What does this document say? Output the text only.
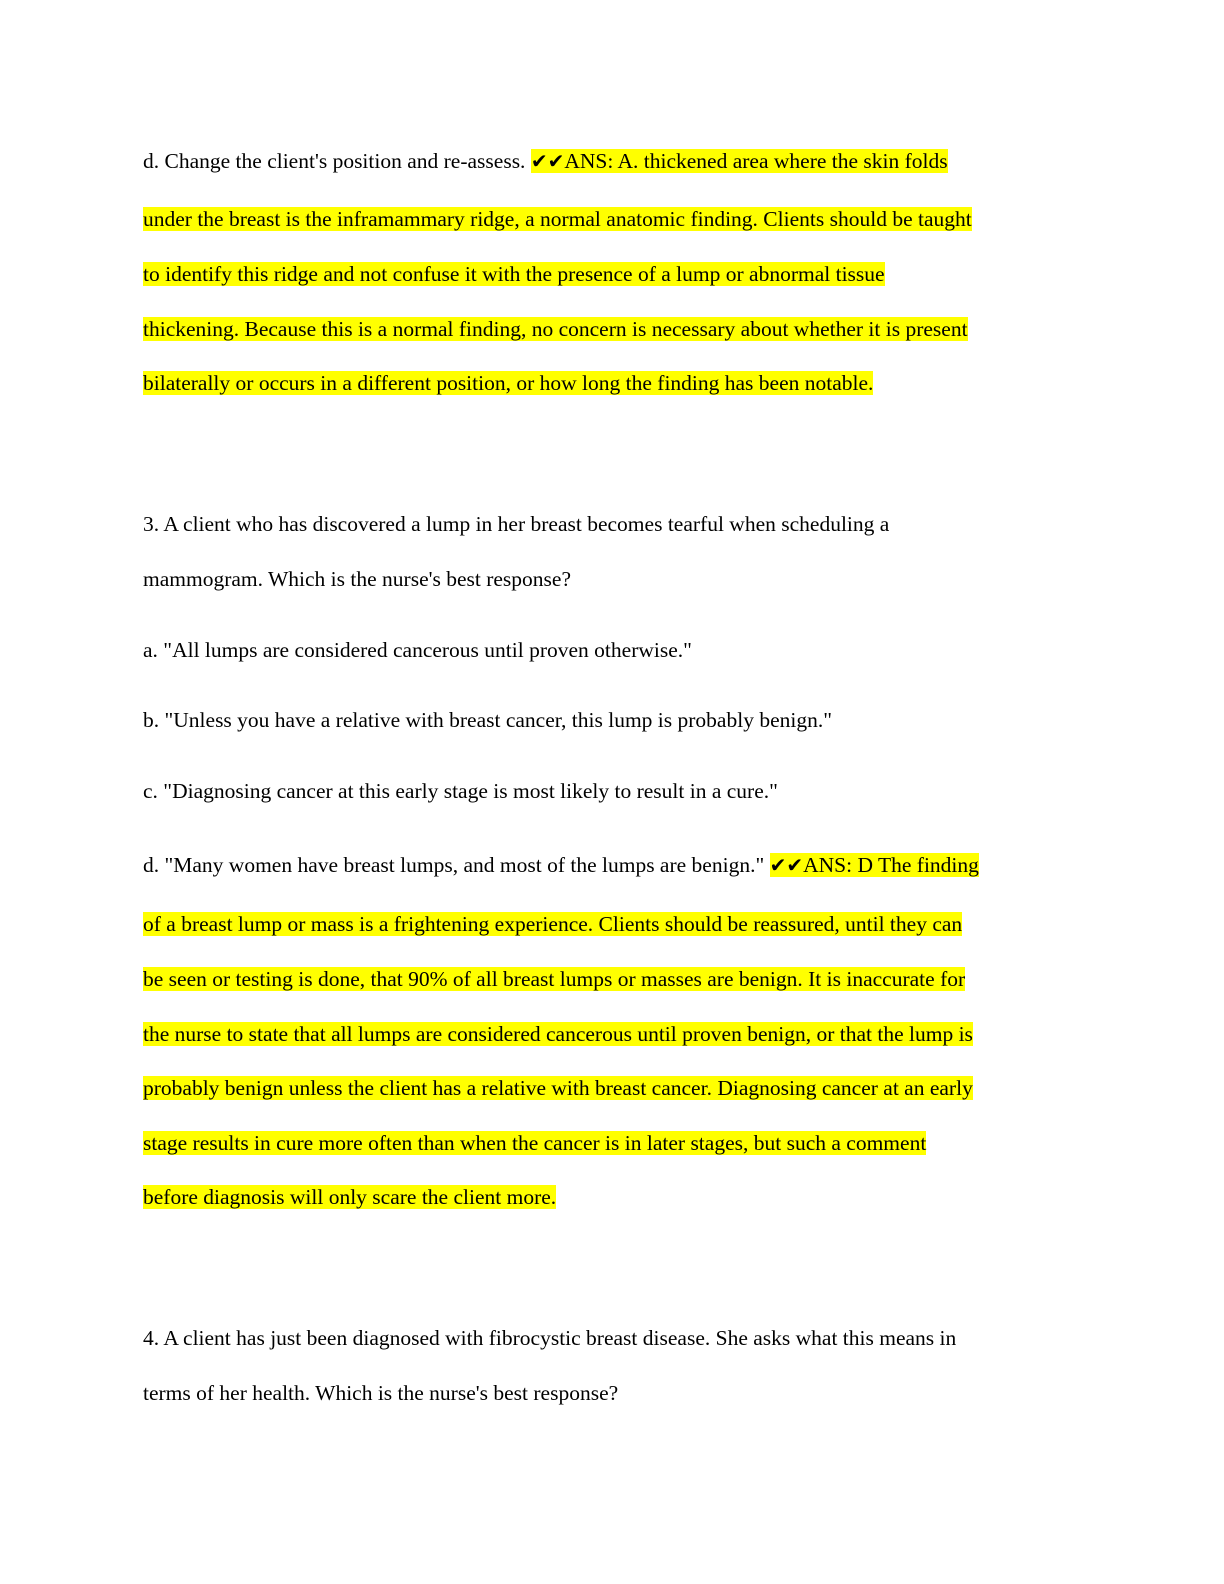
d. Change the client's position and re-assess. ✔✔ANS: A. thickened area where the skin folds
under the breast is the inframammary ridge, a normal anatomic finding. Clients should be taught
to identify this ridge and not confuse it with the presence of a lump or abnormal tissue
thickening. Because this is a normal finding, no concern is necessary about whether it is present
bilaterally or occurs in a different position, or how long the finding has been notable.
3. A client who has discovered a lump in her breast becomes tearful when scheduling a
mammogram. Which is the nurse's best response?
a. "All lumps are considered cancerous until proven otherwise."
b. "Unless you have a relative with breast cancer, this lump is probably benign."
c. "Diagnosing cancer at this early stage is most likely to result in a cure."
d. "Many women have breast lumps, and most of the lumps are benign." ✔✔ANS: D The finding
of a breast lump or mass is a frightening experience. Clients should be reassured, until they can
be seen or testing is done, that 90% of all breast lumps or masses are benign. It is inaccurate for
the nurse to state that all lumps are considered cancerous until proven benign, or that the lump is
probably benign unless the client has a relative with breast cancer. Diagnosing cancer at an early
stage results in cure more often than when the cancer is in later stages, but such a comment
before diagnosis will only scare the client more.
4. A client has just been diagnosed with fibrocystic breast disease. She asks what this means in
terms of her health. Which is the nurse's best response?
